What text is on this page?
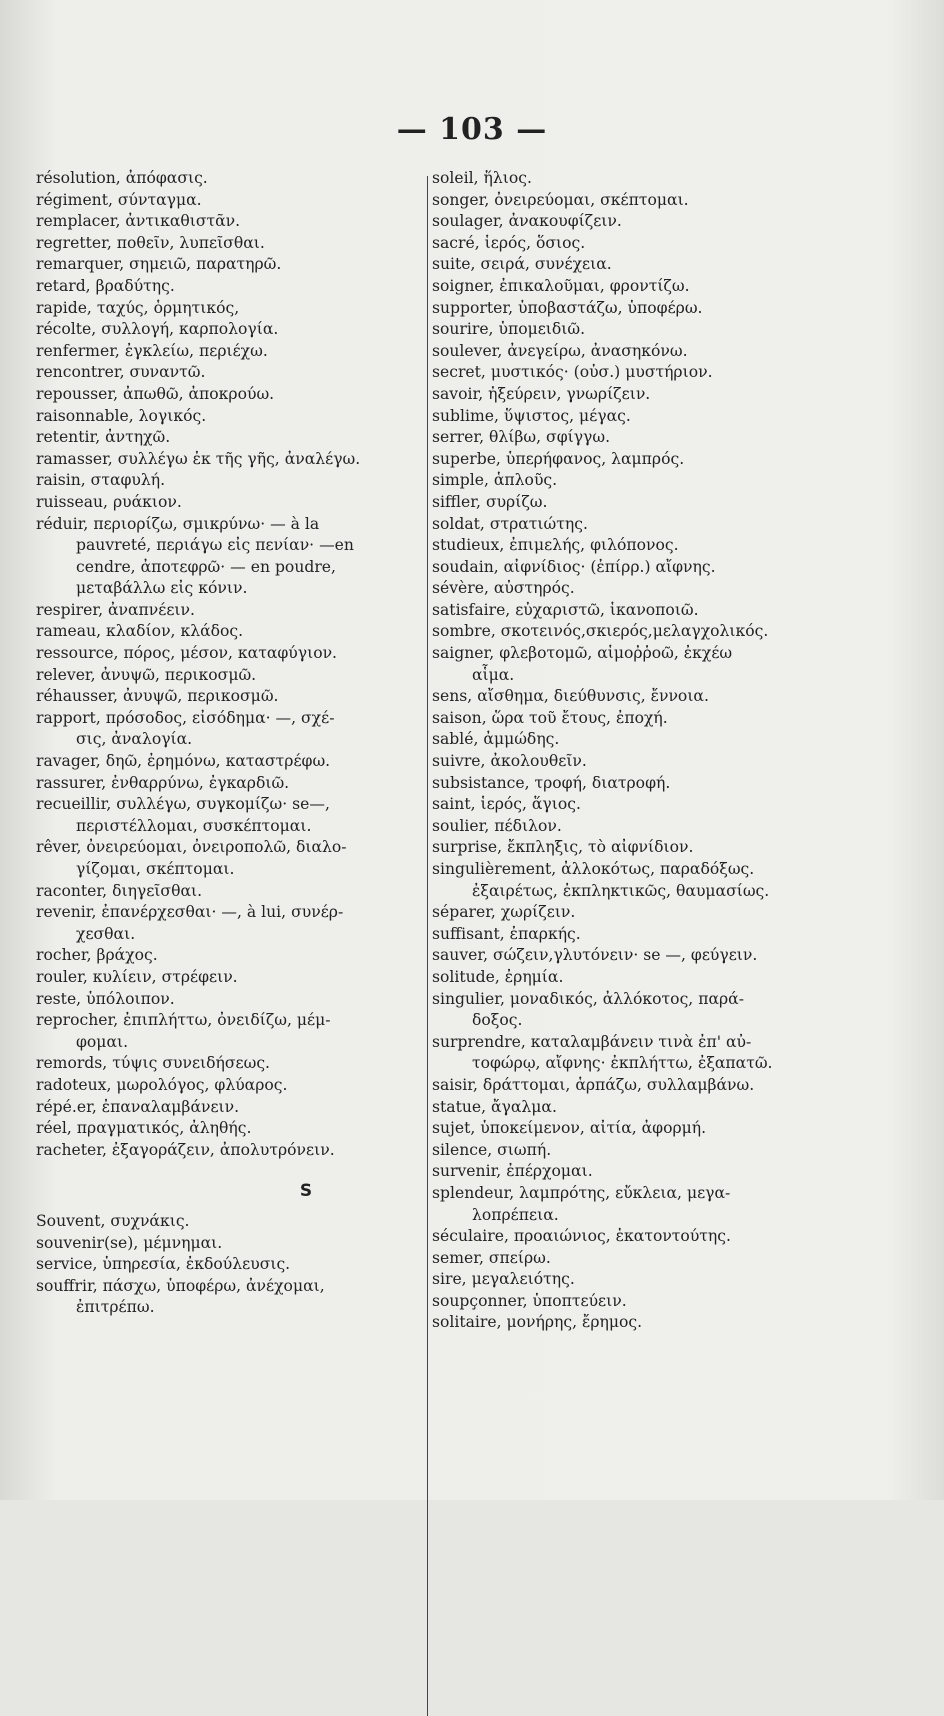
— 103 —
résolution, ἀπόφασις.
régiment, σύνταγμα.
remplacer, ἀντικαθιστᾶν.
regretter, ποθεῖν, λυπεῖσθαι.
remarquer, σημειῶ, παρατηρῶ.
retard, βραδύτης.
rapide, ταχύς, ὁρμητικός,
récolte, συλλογή, καρπολογία.
renfermer, ἐγκλείω, περιέχω.
rencontrer, συναντῶ.
repousser, ἀπωθῶ, ἀποκρούω.
raisonnable, λογικός.
retentir, ἀντηχῶ.
ramasser, συλλέγω ἐκ τῆς γῆς, ἀναλέγω.
raisin, σταφυλή.
ruisseau, ρυάκιον.
réduir, περιορίζω, σμικρύνω· — à la
pauvreté, περιάγω εἰς πενίαν· —en
cendre, ἀποτεφρῶ· — en poudre,
μεταβάλλω εἰς κόνιν.
respirer, ἀναπνέειν.
rameau, κλαδίον, κλάδος.
ressource, πόρος, μέσον, καταφύγιον.
relever, ἀνυψῶ, περικοσμῶ.
réhausser, ἀνυψῶ, περικοσμῶ.
rapport, πρόσοδος, εἰσόδημα· —, σχέ-
σις, ἀναλογία.
ravager, δηῶ, ἐρημόνω, καταστρέφω.
rassurer, ἐνθαρρύνω, ἐγκαρδιῶ.
recueillir, συλλέγω, συγκομίζω· se—,
περιστέλλομαι, συσκέπτομαι.
rêver, ὀνειρεύομαι, ὀνειροπολῶ, διαλο-
γίζομαι, σκέπτομαι.
raconter, διηγεῖσθαι.
revenir, ἐπανέρχεσθαι· —, à lui, συνέρ-
χεσθαι.
rocher, βράχος.
rouler, κυλίειν, στρέφειν.
reste, ὑπόλοιπον.
reprocher, ἐπιπλήττω, ὀνειδίζω, μέμ-
φομαι.
remords, τύψις συνειδήσεως.
radoteux, μωρολόγος, φλύαρος.
répé.er, ἐπαναλαμβάνειν.
réel, πραγματικός, ἀληθής.
racheter, ἐξαγοράζειν, ἀπολυτρόνειν.
S
Souvent, συχνάκις.
souvenir(se), μέμνημαι.
service, ὑπηρεσία, ἐκδούλευσις.
souffrir, πάσχω, ὑποφέρω, ἀνέχομαι,
ἐπιτρέπω.
soleil, ἥλιος.
songer, ὀνειρεύομαι, σκέπτομαι.
soulager, ἀνακουφίζειν.
sacré, ἱερός, ὅσιος.
suite, σειρά, συνέχεια.
soigner, ἐπικαλοῦμαι, φροντίζω.
supporter, ὑποβαστάζω, ὑποφέρω.
sourire, ὑπομειδιῶ.
soulever, ἀνεγείρω, ἀνασηκόνω.
secret, μυστικός· (οὐσ.) μυστήριον.
savoir, ἠξεύρειν, γνωρίζειν.
sublime, ὕψιστος, μέγας.
serrer, θλίβω, σφίγγω.
superbe, ὑπερήφανος, λαμπρός.
simple, ἁπλοῦς.
siffler, συρίζω.
soldat, στρατιώτης.
studieux, ἐπιμελής, φιλόπονος.
soudain, αἰφνίδιος· (ἐπίρρ.) αἴφνης.
sévère, αὐστηρός.
satisfaire, εὐχαριστῶ, ἱκανοποιῶ.
sombre, σκοτεινός,σκιερός,μελαγχολικός.
saigner, φλεβοτομῶ, αἱμοῤῥοῶ, ἐκχέω
αἷμα.
sens, αἴσθημα, διεύθυνσις, ἔννοια.
saison, ὥρα τοῦ ἔτους, ἐποχή.
sablé, ἀμμώδης.
suivre, ἀκολουθεῖν.
subsistance, τροφή, διατροφή.
saint, ἱερός, ἅγιος.
soulier, πέδιλον.
surprise, ἔκπληξις, τὸ αἰφνίδιον.
singulièrement, ἀλλοκότως, παραδόξως.
ἐξαιρέτως, ἐκπληκτικῶς, θαυμασίως.
séparer, χωρίζειν.
suffisant, ἐπαρκής.
sauver, σώζειν,γλυτόνειν· se —, φεύγειν.
solitude, ἐρημία.
singulier, μοναδικός, ἀλλόκοτος, παρά-
δοξος.
surprendre, καταλαμβάνειν τινὰ ἐπ' αὐ-
τοφώρῳ, αἴφνης· ἐκπλήττω, ἐξαπατῶ.
saisir, δράττομαι, ἁρπάζω, συλλαμβάνω.
statue, ἄγαλμα.
sujet, ὑποκείμενον, αἰτία, ἀφορμή.
silence, σιωπή.
survenir, ἐπέρχομαι.
splendeur, λαμπρότης, εὔκλεια, μεγα-
λοπρέπεια.
séculaire, προαιώνιος, ἑκατοντούτης.
semer, σπείρω.
sire, μεγαλειότης.
soupçonner, ὑποπτεύειν.
solitaire, μονήρης, ἔρημος.
